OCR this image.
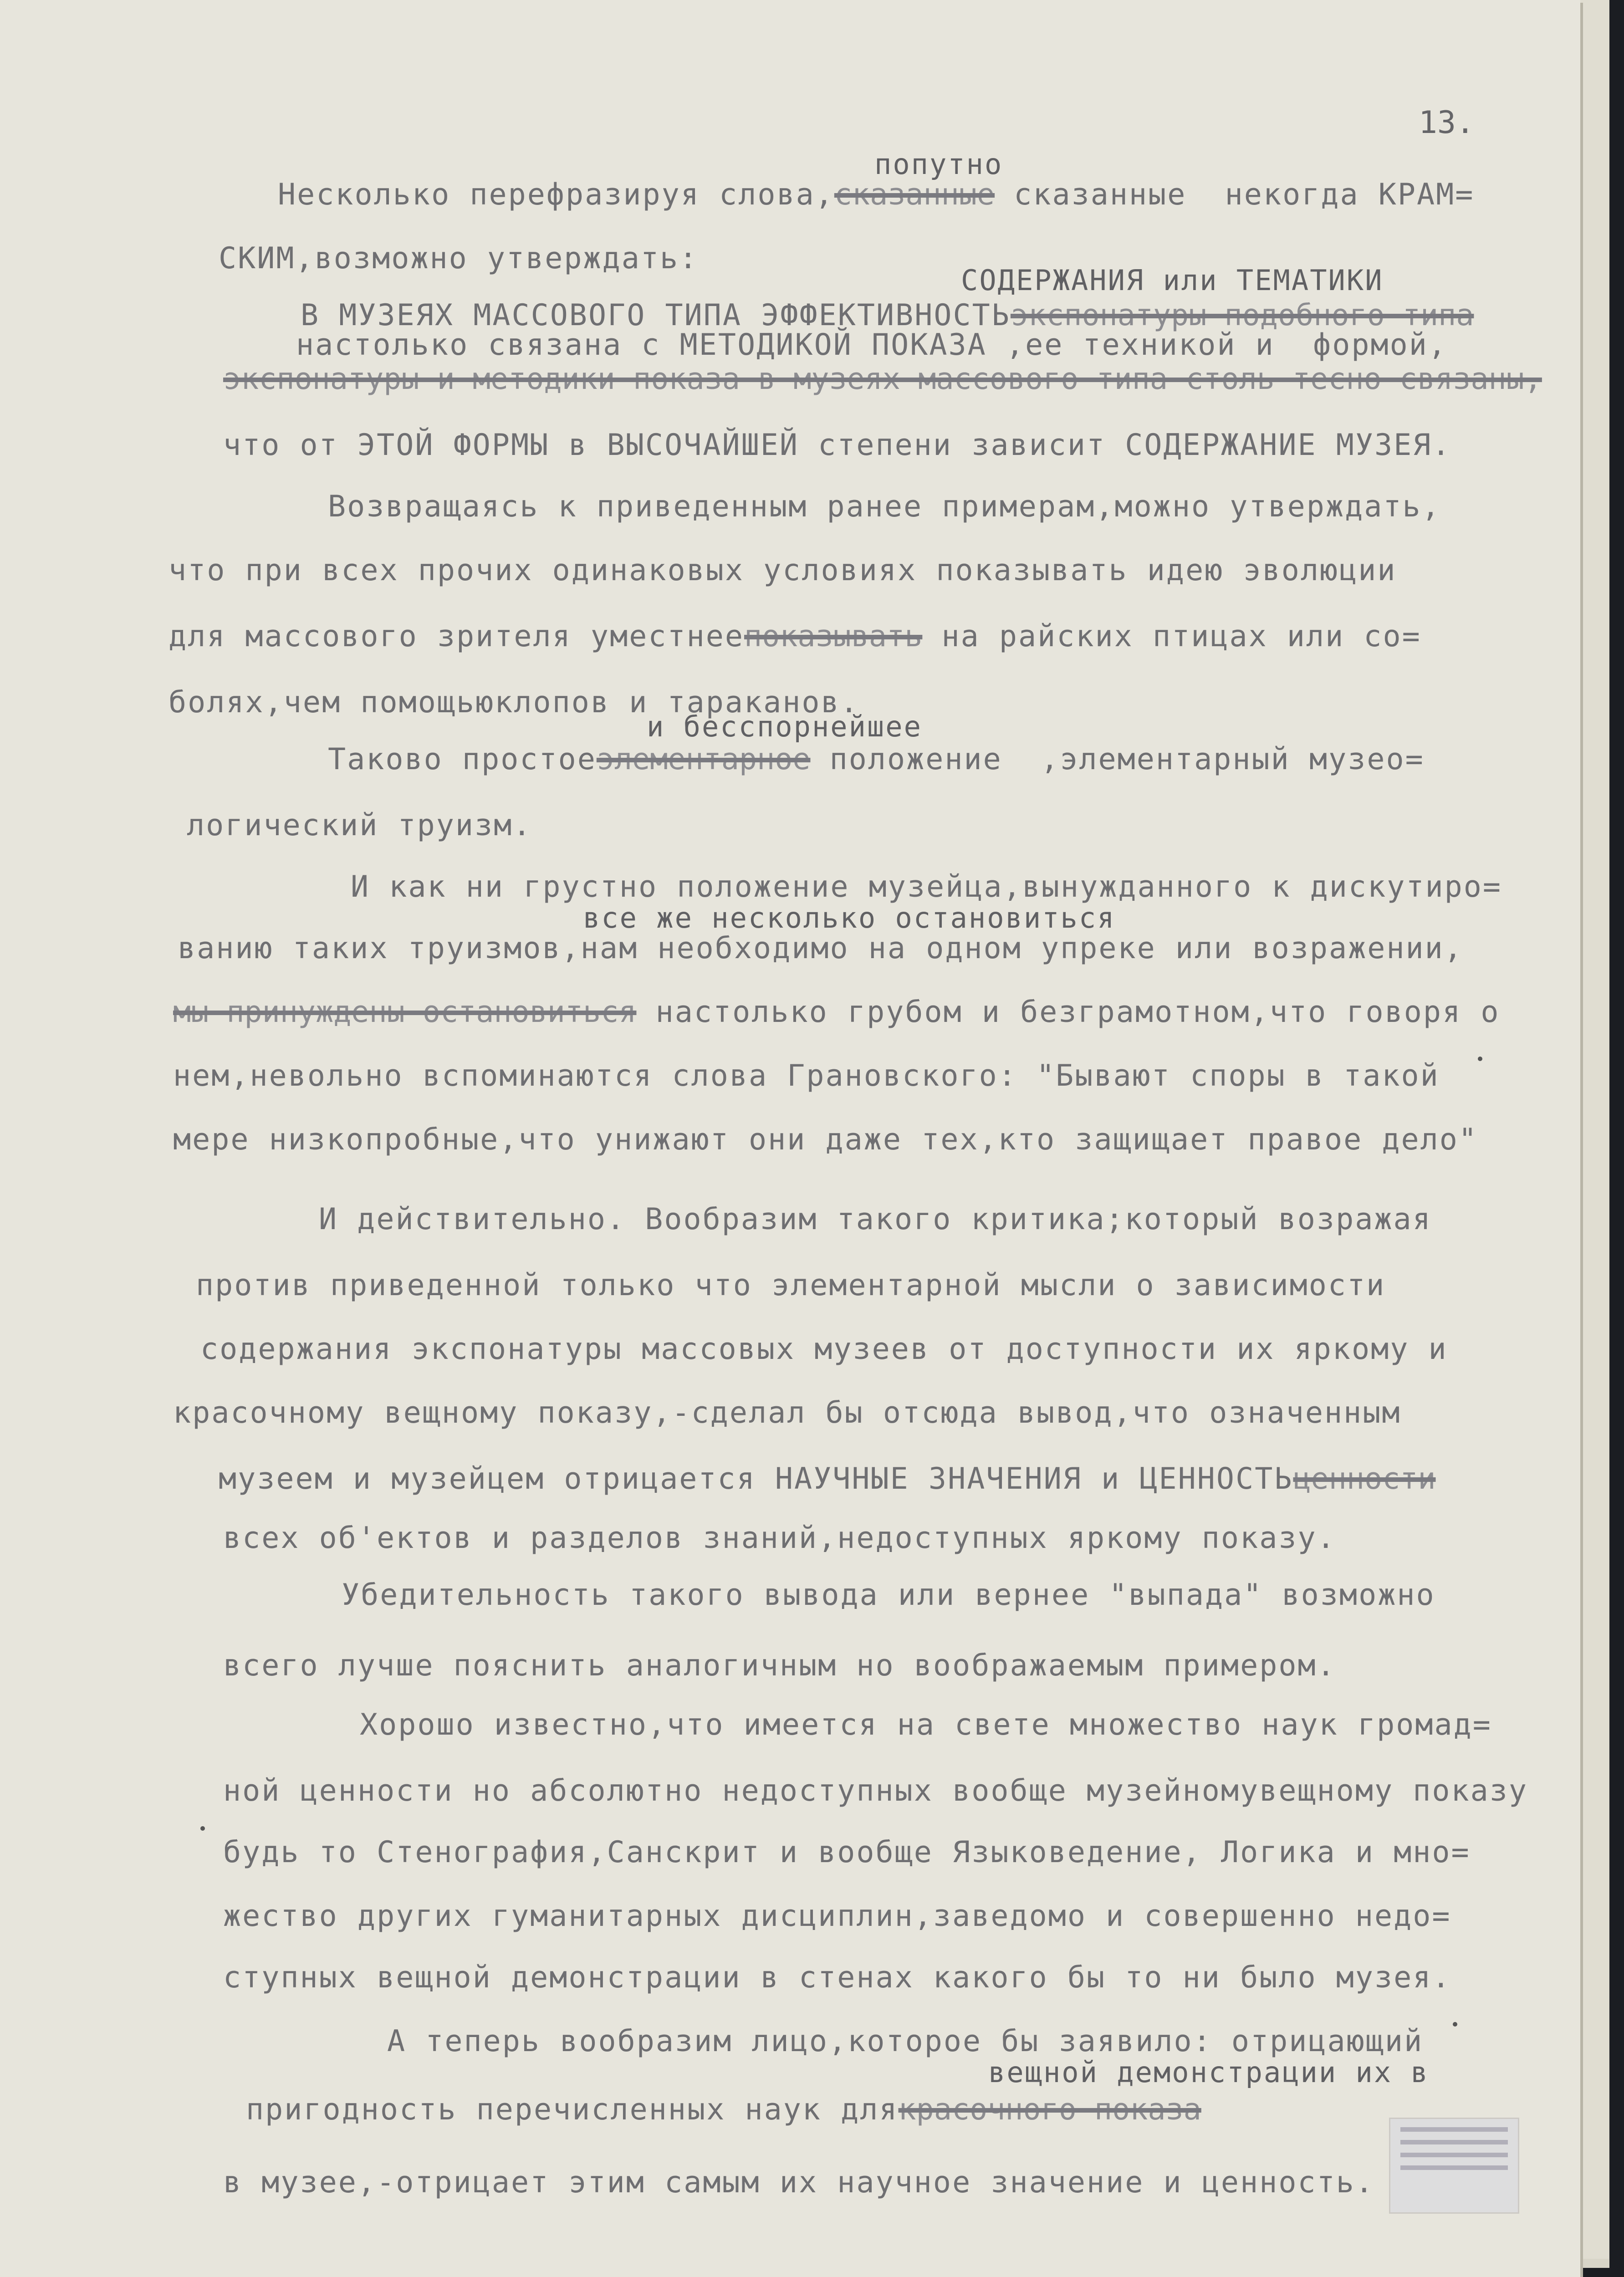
13.
попутно
Несколько перефразируя слова,сказанные сказанные  некогда КРАМ=
СКИМ,возможно утверждать:
СОДЕРЖАНИЯ или ТЕМАТИКИ
В МУЗЕЯХ МАССОВОГО ТИПА ЭФФЕКТИВНОСТЬэкспонатуры подобного типа
настолько связана с МЕТОДИКОЙ ПОКАЗА ,ее техникой и  формой,
экспонатуры и методики показа в музеях массового типа столь тесно связаны,
что от ЭТОЙ ФОРМЫ в ВЫСОЧАЙШЕЙ степени зависит СОДЕРЖАНИЕ МУЗЕЯ.
Возвращаясь к приведенным ранее примерам,можно утверждать,
что при всех прочих одинаковых условиях показывать идею эволюции
для массового зрителя уместнеепоказывать на райских птицах или со=
болях,чем помощьюклопов и тараканов.
и бесспорнейшее
Таково простоеэлементарное положение  ,элементарный музео=
логический труизм.
И как ни грустно положение музейца,вынужданного к дискутиро=
все же несколько остановиться
ванию таких труизмов,нам необходимо на одном упреке или возражении,
мы принуждены остановиться настолько грубом и безграмотном,что говоря о
нем,невольно вспоминаются слова Грановского: "Бывают споры в такой
мере низкопробные,что унижают они даже тех,кто защищает правое дело"
И действительно. Вообразим такого критика;который возражая
против приведенной только что элементарной мысли о зависимости
содержания экспонатуры массовых музеев от доступности их яркому и
красочному вещному показу,-сделал бы отсюда вывод,что означенным
музеем и музейцем отрицается НАУЧНЫЕ ЗНАЧЕНИЯ и ЦЕННОСТЬценности
всех об'ектов и разделов знаний,недоступных яркому показу.
Убедительность такого вывода или вернее "выпада" возможно
всего лучше пояснить аналогичным но воображаемым примером.
Хорошо известно,что имеется на свете множество наук громад=
ной ценности но абсолютно недоступных вообще музейномувещному показу
будь то Стенография,Санскрит и вообще Языковедение, Логика и мно=
жество других гуманитарных дисциплин,заведомо и совершенно недо=
ступных вещной демонстрации в стенах какого бы то ни было музея.
А теперь вообразим лицо,которое бы заявило: отрицающий
вещной демонстрации их в
пригодность перечисленных наук длякрасочного показа
в музее,-отрицает этим самым их научное значение и ценность.
